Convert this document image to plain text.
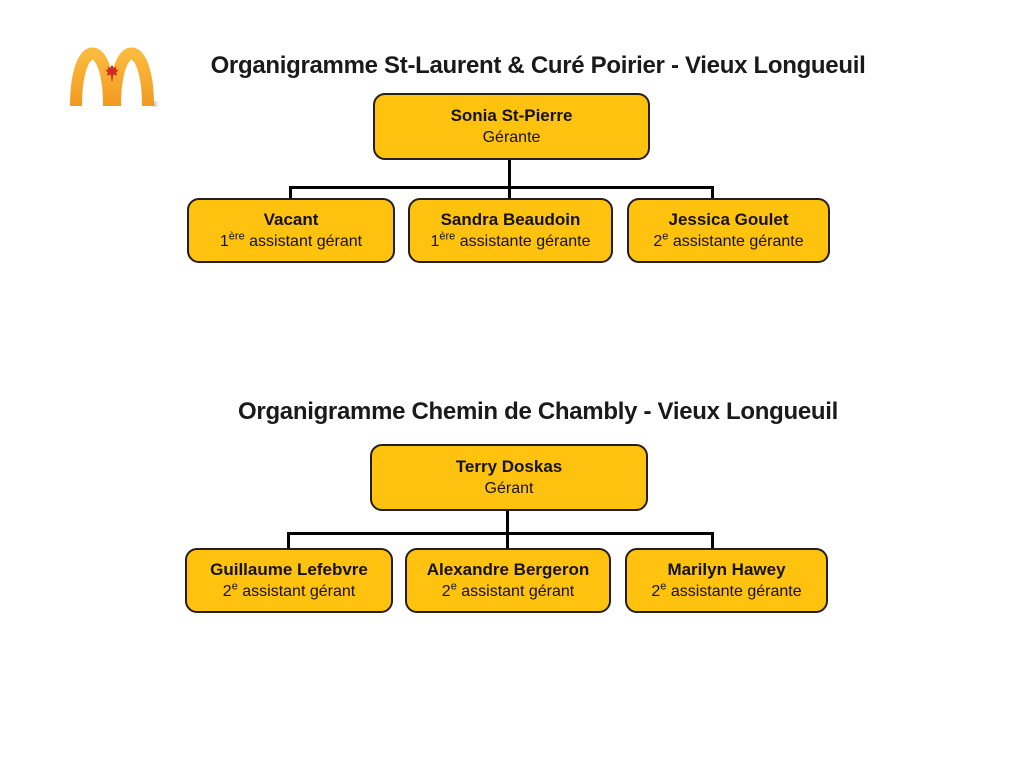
®
Organigramme St-Laurent & Curé Poirier - Vieux Longueuil
Sonia St-Pierre
Gérante
Vacant
1ère assistant gérant
Sandra Beaudoin
1ère assistante gérante
Jessica Goulet
2e assistante gérante
Organigramme Chemin de Chambly - Vieux Longueuil
Terry Doskas
Gérant
Guillaume Lefebvre
2e assistant gérant
Alexandre Bergeron
2e assistant gérant
Marilyn Hawey
2e assistante gérante
